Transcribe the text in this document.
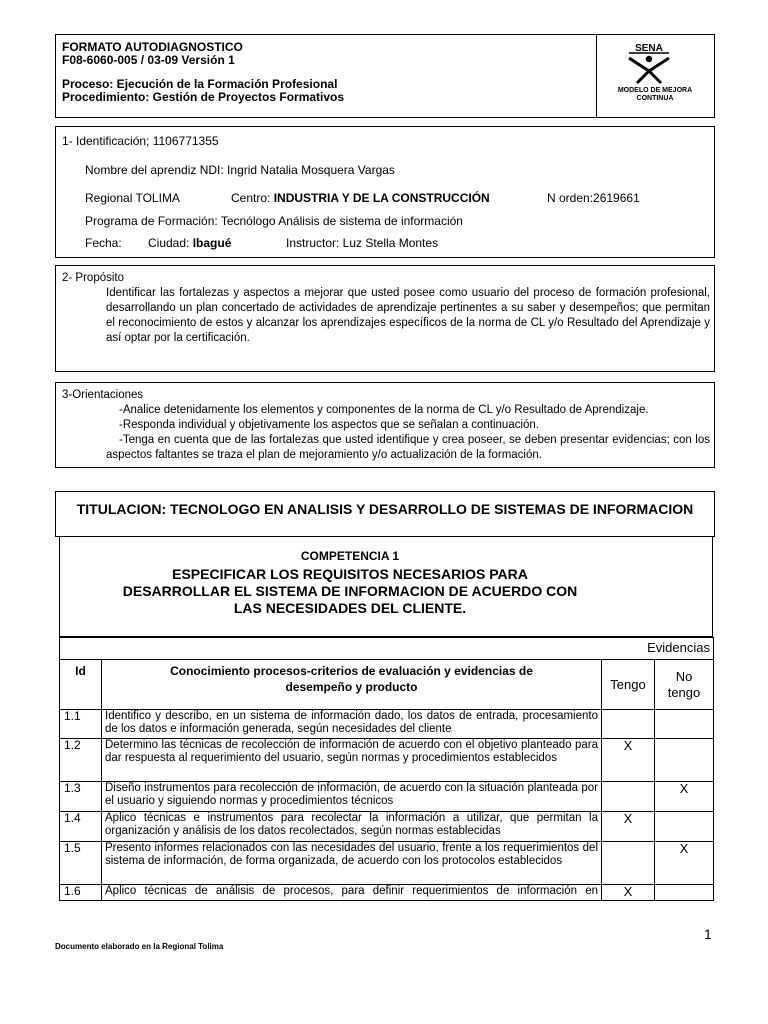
FORMATO AUTODIAGNOSTICO
F08-6060-005 / 03-09 Versión 1
Proceso: Ejecución de la Formación Profesional
Procedimiento: Gestión de Proyectos Formativos
SENA
MODELO DE MEJORA
CONTINUA
1- Identificación; 1106771355
Nombre del aprendiz NDI: Ingrid Natalia Mosquera Vargas
Regional TOLIMA	Centro: INDUSTRIA Y DE LA CONSTRUCCIÓN	N orden:2619661
Programa de Formación: Tecnólogo Análisis de sistema de información
Fecha: Ciudad: Ibagué	Instructor: Luz Stella Montes
2- Propósito
Identificar las fortalezas y aspectos a mejorar que usted posee como usuario del proceso de formación profesional, desarrollando un plan concertado de actividades de aprendizaje pertinentes a su saber y desempeños; que permitan el reconocimiento de estos y alcanzar los aprendizajes específicos de la norma de CL y/o Resultado del Aprendizaje y así optar por la certificación.
3-Orientaciones
-Analice detenidamente los elementos y componentes de la norma de CL y/o Resultado de Aprendizaje.
-Responda individual y objetivamente los aspectos que se señalan a continuación.
-Tenga en cuenta que de las fortalezas que usted identifique y crea poseer, se deben presentar evidencias; con los aspectos faltantes se traza el plan de mejoramiento y/o actualización de la formación.
TITULACION: TECNOLOGO EN ANALISIS Y DESARROLLO DE SISTEMAS DE INFORMACION
COMPETENCIA 1
ESPECIFICAR LOS REQUISITOS NECESARIOS PARA DESARROLLAR EL SISTEMA DE INFORMACION DE ACUERDO CON LAS NECESIDADES DEL CLIENTE.
		Evidencias	
Id	Conocimiento procesos-criterios de evaluación y evidencias de desempeño y producto	Tengo	No tengo
1.1	Identifico y describo, en un sistema de información dado, los datos de entrada, procesamiento de los datos e información generada, según necesidades del cliente		
1.2	Determino las técnicas de recolección de información de acuerdo con el objetivo planteado para dar respuesta al requerimiento del usuario, según normas y procedimientos establecidos	X	
1.3	Diseño instrumentos para recolección de información, de acuerdo con la situación planteada por el usuario y siguiendo normas y procedimientos técnicos		X
1.4	Aplico técnicas e instrumentos para recolectar la información a utilizar, que permitan la organización y análisis de los datos recolectados, según normas establecidas	X	
1.5	Presento informes relacionados con las necesidades del usuario, frente a los requerimientos del sistema de información, de forma organizada, de acuerdo con los protocolos establecidos		X
1.6	Aplico técnicas de análisis de procesos, para definir requerimientos de información en	X	
1
Documento elaborado en la Regional Tolima
